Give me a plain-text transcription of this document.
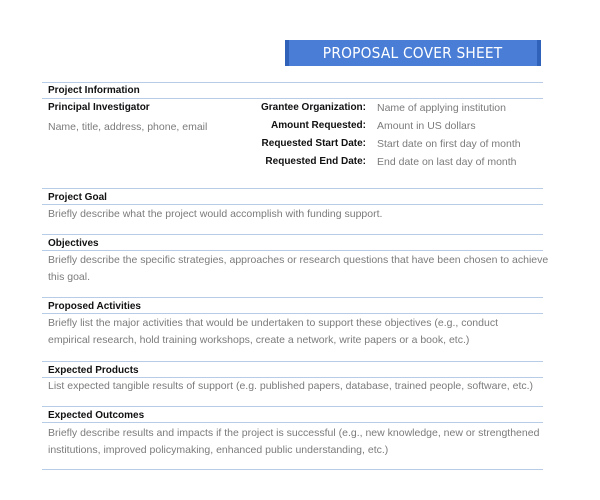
PROPOSAL COVER SHEET
Project Information
Principal Investigator
Name, title, address, phone, email
Grantee Organization: Name of applying institution
Amount Requested: Amount in US dollars
Requested Start Date: Start date on first day of month
Requested End Date: End date on last day of month
Project Goal
Briefly describe what the project would accomplish with funding support.
Objectives
Briefly describe the specific strategies, approaches or research questions that have been chosen to achieve
this goal.
Proposed Activities
Briefly list the major activities that would be undertaken to support these objectives (e.g., conduct
empirical research, hold training workshops, create a network, write papers or a book, etc.)
Expected Products
List expected tangible results of support (e.g. published papers, database, trained people, software, etc.)
Expected Outcomes
Briefly describe results and impacts if the project is successful (e.g., new knowledge, new or strengthened
institutions, improved policymaking, enhanced public understanding, etc.)
